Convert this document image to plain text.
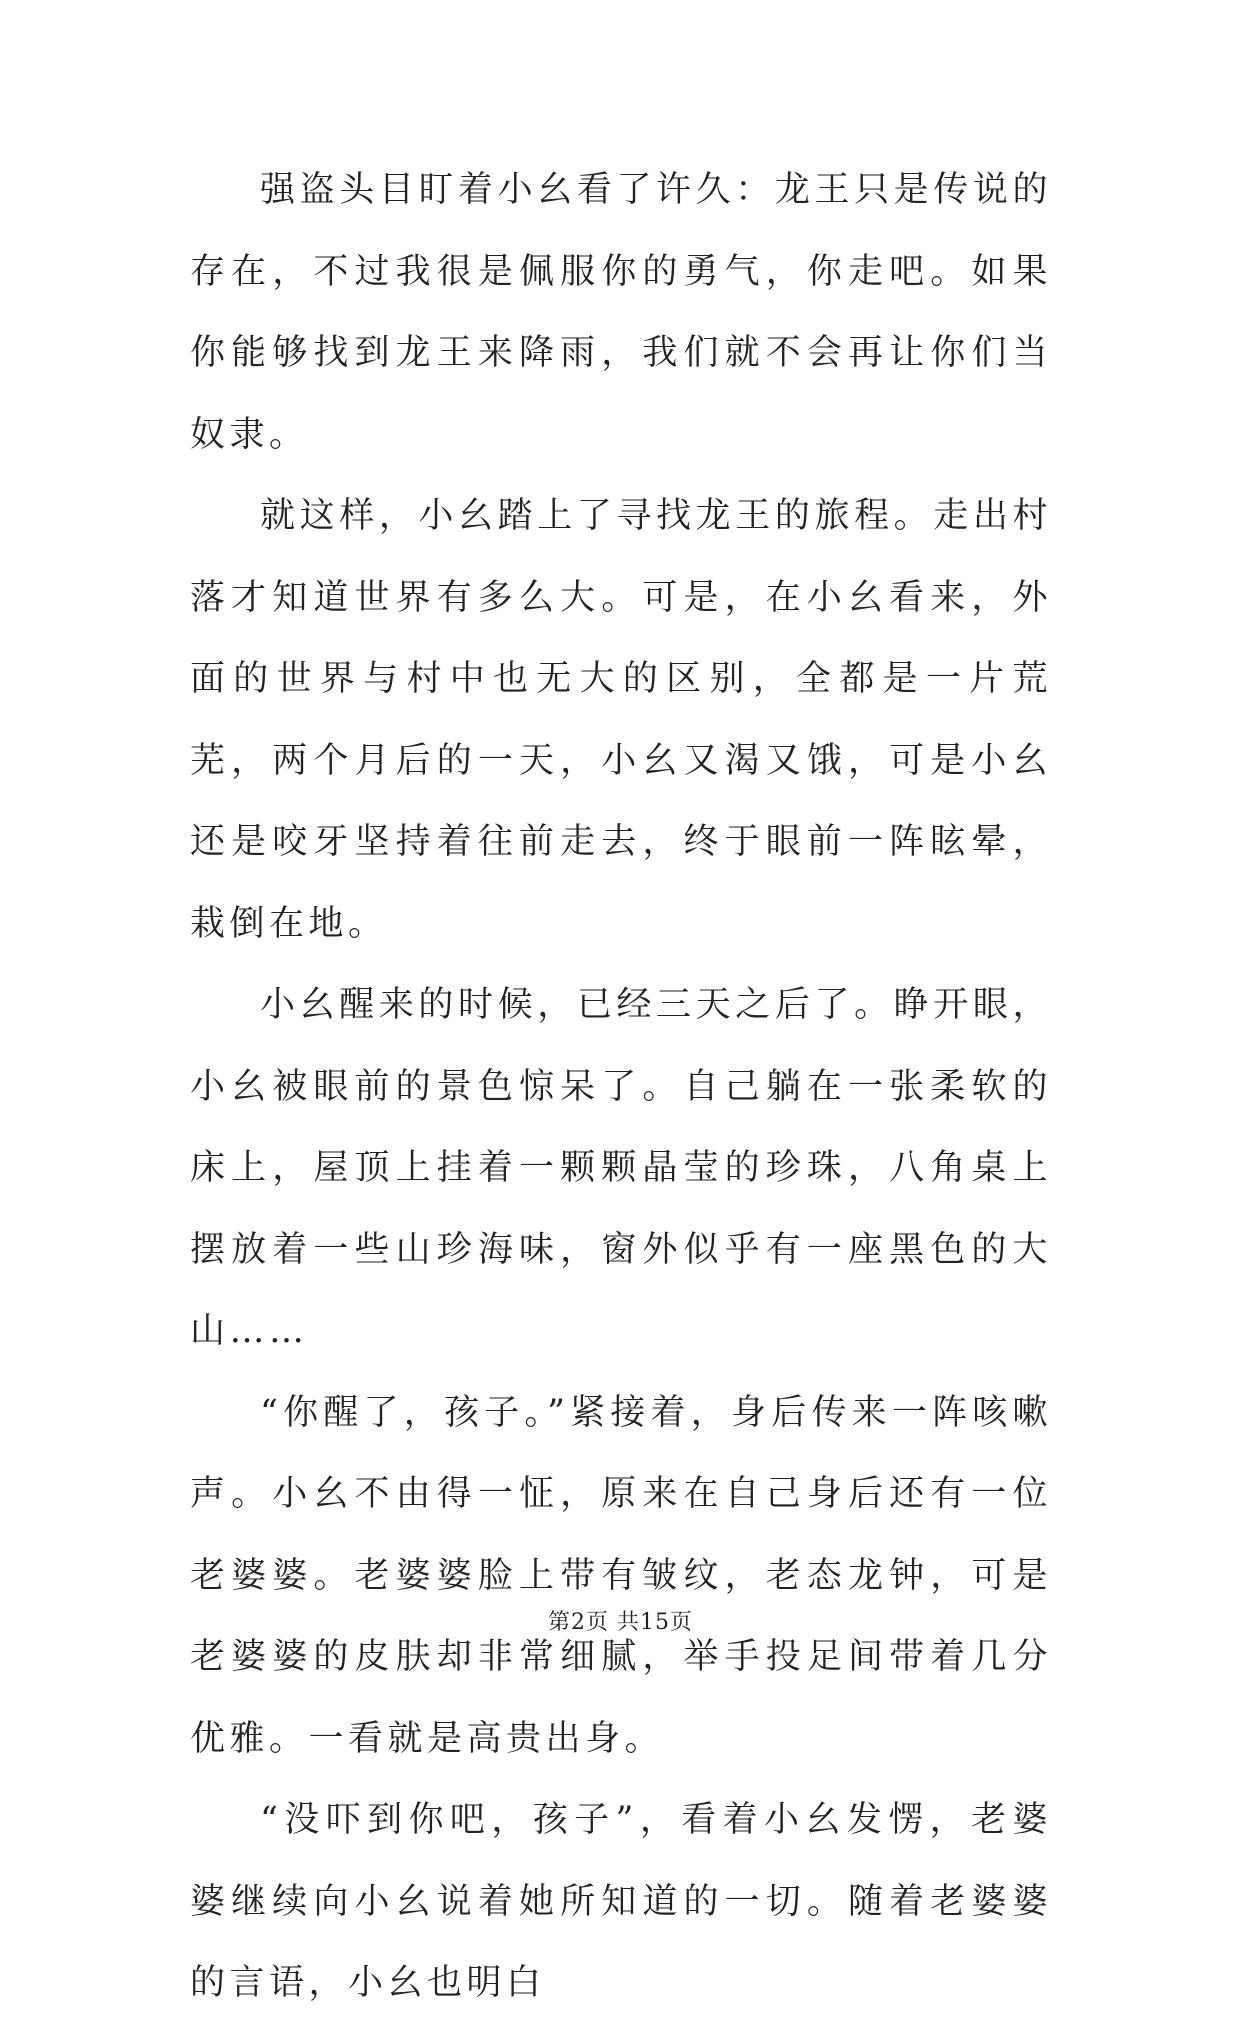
强盗头目盯着小幺看了许久：龙王只是传说的存在，不过我很是佩服你的勇气，你走吧。如果你能够找到龙王来降雨，我们就不会再让你们当奴隶。

就这样，小幺踏上了寻找龙王的旅程。走出村落才知道世界有多么大。可是，在小幺看来，外面的世界与村中也无大的区别，全都是一片荒芜，两个月后的一天，小幺又渴又饿，可是小幺还是咬牙坚持着往前走去，终于眼前一阵眩晕，栽倒在地。

小幺醒来的时候，已经三天之后了。睁开眼，小幺被眼前的景色惊呆了。自己躺在一张柔软的床上，屋顶上挂着一颗颗晶莹的珍珠，八角桌上摆放着一些山珍海味，窗外似乎有一座黑色的大山……

“你醒了，孩子。”紧接着，身后传来一阵咳嗽声。小幺不由得一怔，原来在自己身后还有一位老婆婆。老婆婆脸上带有皱纹，老态龙钟，可是老婆婆的皮肤却非常细腻，举手投足间带着几分优雅。一看就是高贵出身。

“没吓到你吧，孩子”，看着小幺发愣，老婆婆继续向小幺说着她所知道的一切。随着老婆婆的言语，小幺也明白

第2页 共15页
